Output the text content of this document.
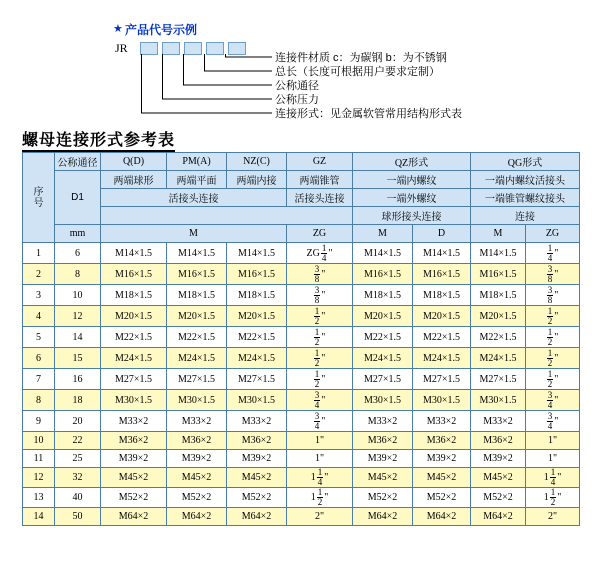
★ 产品代号示例
JR
连接件材质 c：为碳钢 b：为不锈钢
总长（长度可根据用户要求定制）
公称通径
公称压力
连接形式：见金属软管常用结构形式表
螺母连接形式参考表
序
号	公称通径	Q(D)	PM(A)	NZ(C)	GZ	QZ形式		QG形式	
	D1	两端球形	两端平面	两端内接	两端锥管	一端内螺纹		一端内螺纹活接头	
		活接头连接			活接头连接	一端外螺纹		一端锥管螺纹接头	
						球形接头连接		连接	
	mm	M			ZG	M	D	M	ZG
1	6	M14×1.5	M14×1.5	M14×1.5	ZG $\frac{1}{4}$ "	M14×1.5	M14×1.5	M14×1.5	$\frac{1}{4}$ "

2	8	M16×1.5	M16×1.5	M16×1.5	$\frac{3}{8}$ "	M16×1.5	M16×1.5	M16×1.5	$\frac{3}{8}$ "

3	10	M18×1.5	M18×1.5	M18×1.5	$\frac{3}{8}$ "	M18×1.5	M18×1.5	M18×1.5	$\frac{3}{8}$ "

4	12	M20×1.5	M20×1.5	M20×1.5	$\frac{1}{2}$ "	M20×1.5	M20×1.5	M20×1.5	$\frac{1}{2}$ "

5	14	M22×1.5	M22×1.5	M22×1.5	$\frac{1}{2}$ "	M22×1.5	M22×1.5	M22×1.5	$\frac{1}{2}$ "

6	15	M24×1.5	M24×1.5	M24×1.5	$\frac{1}{2}$ "	M24×1.5	M24×1.5	M24×1.5	$\frac{1}{2}$ "

7	16	M27×1.5	M27×1.5	M27×1.5	$\frac{1}{2}$ "	M27×1.5	M27×1.5	M27×1.5	$\frac{1}{2}$ "

8	18	M30×1.5	M30×1.5	M30×1.5	$\frac{3}{4}$ "	M30×1.5	M30×1.5	M30×1.5	$\frac{3}{4}$ "

9	20	M33×2	M33×2	M33×2	$\frac{3}{4}$ "	M33×2	M33×2	M33×2	$\frac{3}{4}$ "

10	22	M36×2	M36×2	M36×2	1"	M36×2	M36×2	M36×2	1"

11	25	M39×2	M39×2	M39×2	1"	M39×2	M39×2	M39×2	1"

12	32	M45×2	M45×2	M45×2	$1 \frac{1}{4}$ "	M45×2	M45×2	M45×2	$1 \frac{1}{4}$ "

13	40	M52×2	M52×2	M52×2	$1 \frac{1}{2}$ "	M52×2	M52×2	M52×2	$1 \frac{1}{2}$ "

14	50	M64×2	M64×2	M64×2	2"	M64×2	M64×2	M64×2	2"
